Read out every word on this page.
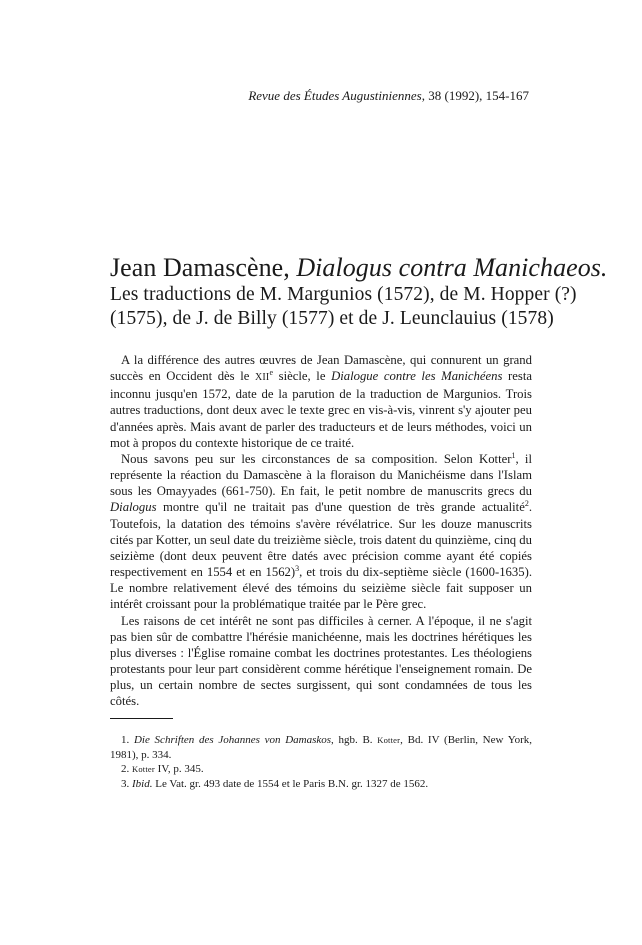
Revue des Études Augustiniennes, 38 (1992), 154-167
Jean Damascène, Dialogus contra Manichaeos.
Les traductions de M. Margunios (1572), de M. Hopper (?)
(1575), de J. de Billy (1577) et de J. Leunclauius (1578)

A la différence des autres œuvres de Jean Damascène, qui connurent un grand succès en Occident dès le XIIe siècle, le Dialogue contre les Manichéens resta inconnu jusqu'en 1572, date de la parution de la traduction de Margunios. Trois autres traductions, dont deux avec le texte grec en vis-à-vis, vinrent s'y ajouter peu d'années après. Mais avant de parler des traducteurs et de leurs méthodes, voici un mot à propos du contexte historique de ce traité.

Nous savons peu sur les circonstances de sa composition. Selon Kotter$^1$, il représente la réaction du Damascène à la floraison du Manichéisme dans l'Islam sous les Omayyades (661-750). En fait, le petit nombre de manuscrits grecs du Dialogus montre qu'il ne traitait pas d'une question de très grande actualité$^2$. Toutefois, la datation des témoins s'avère révélatrice. Sur les douze manuscrits cités par Kotter, un seul date du treizième siècle, trois datent du quinzième, cinq du seizième (dont deux peuvent être datés avec précision comme ayant été copiés respectivement en 1554 et en 1562)$^3$, et trois du dix-septième siècle (1600-1635). Le nombre relativement élevé des témoins du seizième siècle fait supposer un intérêt croissant pour la problématique traitée par le Père grec.

Les raisons de cet intérêt ne sont pas difficiles à cerner. A l'époque, il ne s'agit pas bien sûr de combattre l'hérésie manichéenne, mais les doctrines hérétiques les plus diverses : l'Église romaine combat les doctrines protestantes. Les théologiens protestants pour leur part considèrent comme hérétique l'enseignement romain. De plus, un certain nombre de sectes surgissent, qui sont condamnées de tous les côtés.

1. Die Schriften des Johannes von Damaskos, hgb. B. Kotter, Bd. IV (Berlin, New York, 1981), p. 334.

2. Kotter IV, p. 345.

3. Ibid. Le Vat. gr. 493 date de 1554 et le Paris B.N. gr. 1327 de 1562.
